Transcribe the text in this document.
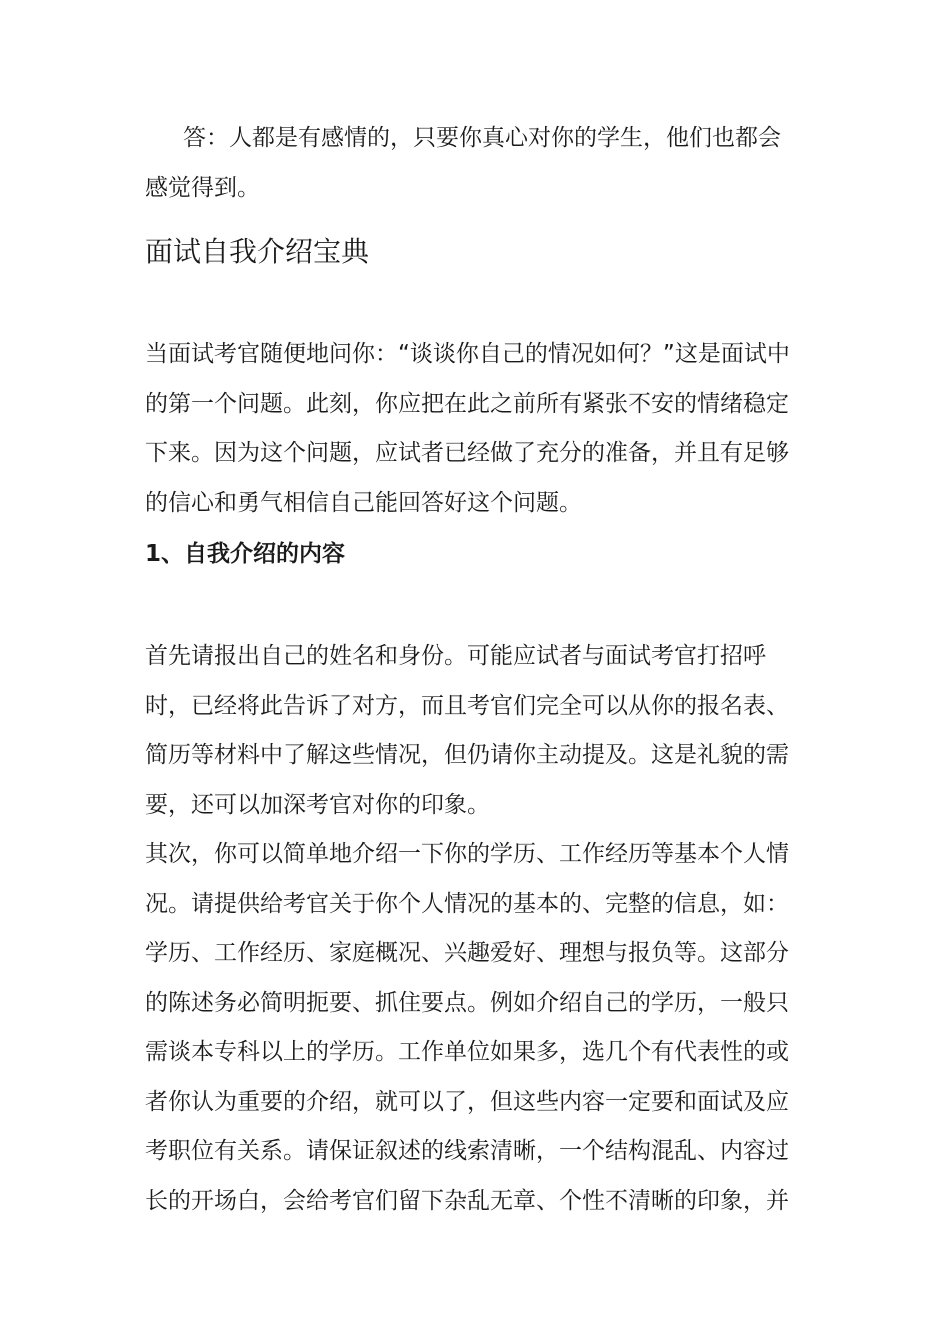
答：人都是有感情的，只要你真心对你的学生，他们也都会
感觉得到。

面试自我介绍宝典

当面试考官随便地问你：“谈谈你自己的情况如何？”这是面试中
的第一个问题。此刻，你应把在此之前所有紧张不安的情绪稳定
下来。因为这个问题，应试者已经做了充分的准备，并且有足够
的信心和勇气相信自己能回答好这个问题。

1、自我介绍的内容

首先请报出自己的姓名和身份。可能应试者与面试考官打招呼
时，已经将此告诉了对方，而且考官们完全可以从你的报名表、
简历等材料中了解这些情况，但仍请你主动提及。这是礼貌的需
要，还可以加深考官对你的印象。
其次，你可以简单地介绍一下你的学历、工作经历等基本个人情
况。请提供给考官关于你个人情况的基本的、完整的信息，如：
学历、工作经历、家庭概况、兴趣爱好、理想与报负等。这部分
的陈述务必简明扼要、抓住要点。例如介绍自己的学历，一般只
需谈本专科以上的学历。工作单位如果多，选几个有代表性的或
者你认为重要的介绍，就可以了，但这些内容一定要和面试及应
考职位有关系。请保证叙述的线索清晰，一个结构混乱、内容过
长的开场白，会给考官们留下杂乱无章、个性不清晰的印象，并
